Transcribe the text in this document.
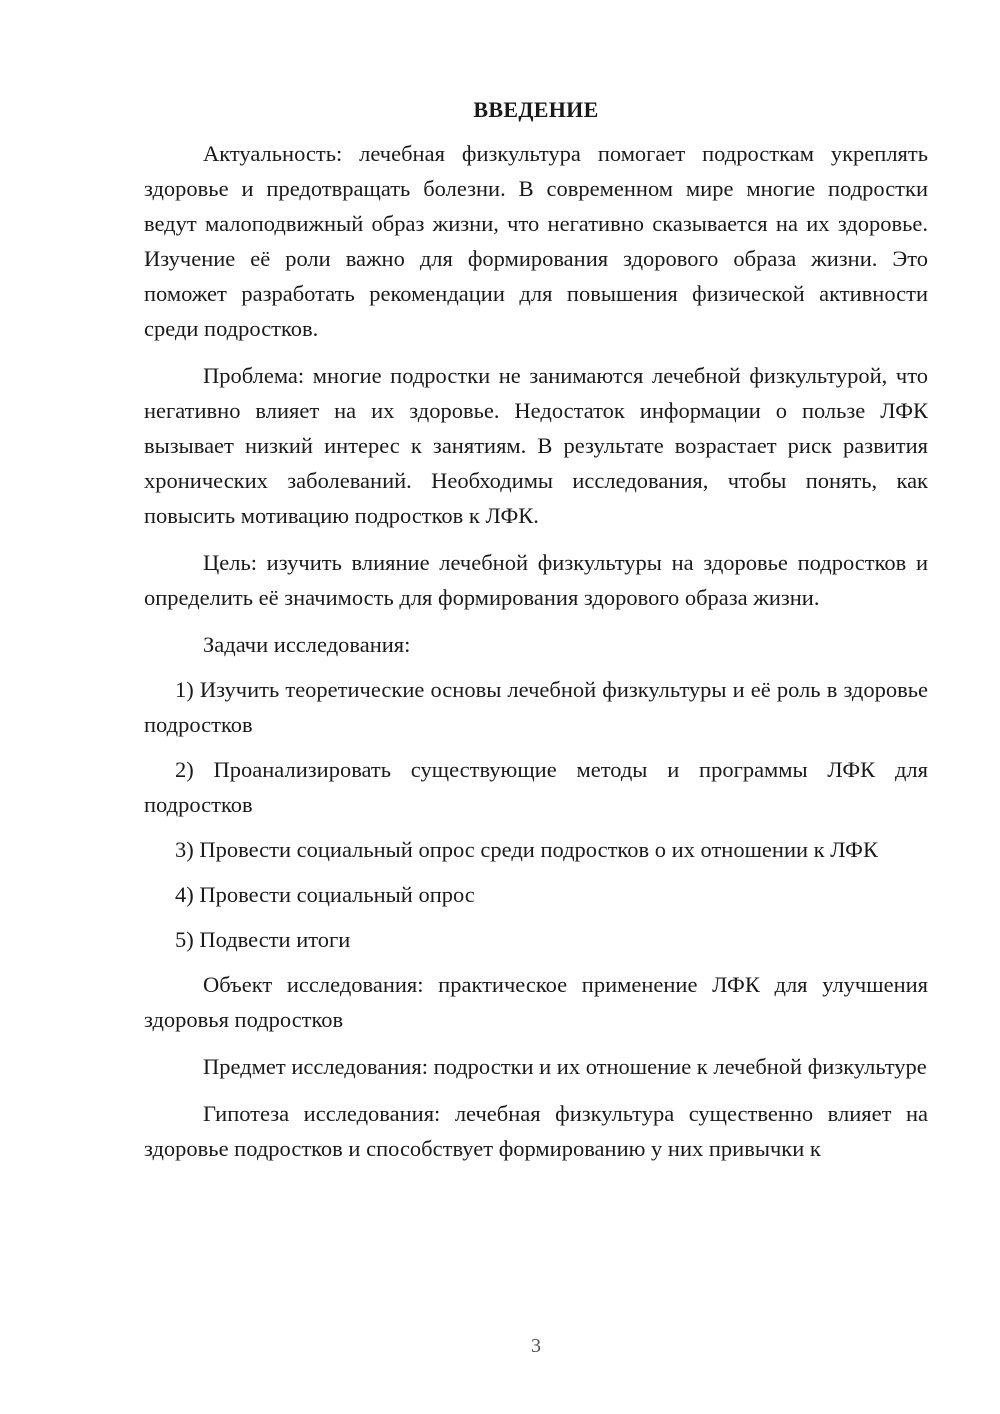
ВВЕДЕНИЕ

Актуальность: лечебная физкультура помогает подросткам укреплять здоровье и предотвращать болезни. В современном мире многие подростки ведут малоподвижный образ жизни, что негативно сказывается на их здоровье. Изучение её роли важно для формирования здорового образа жизни. Это поможет разработать рекомендации для повышения физической активности среди подростков.

Проблема: многие подростки не занимаются лечебной физкультурой, что негативно влияет на их здоровье. Недостаток информации о пользе ЛФК вызывает низкий интерес к занятиям. В результате возрастает риск развития хронических заболеваний. Необходимы исследования, чтобы понять, как повысить мотивацию подростков к ЛФК.

Цель: изучить влияние лечебной физкультуры на здоровье подростков и определить её значимость для формирования здорового образа жизни.

Задачи исследования:

1) Изучить теоретические основы лечебной физкультуры и её роль в здоровье подростков

2) Проанализировать существующие методы и программы ЛФК для подростков

3) Провести социальный опрос среди подростков о их отношении к ЛФК

4) Провести социальный опрос

5) Подвести итоги

Объект исследования: практическое применение ЛФК для улучшения здоровья подростков

Предмет исследования: подростки и их отношение к лечебной физкультуре

Гипотеза исследования: лечебная физкультура существенно влияет на здоровье подростков и способствует формированию у них привычки к

3
